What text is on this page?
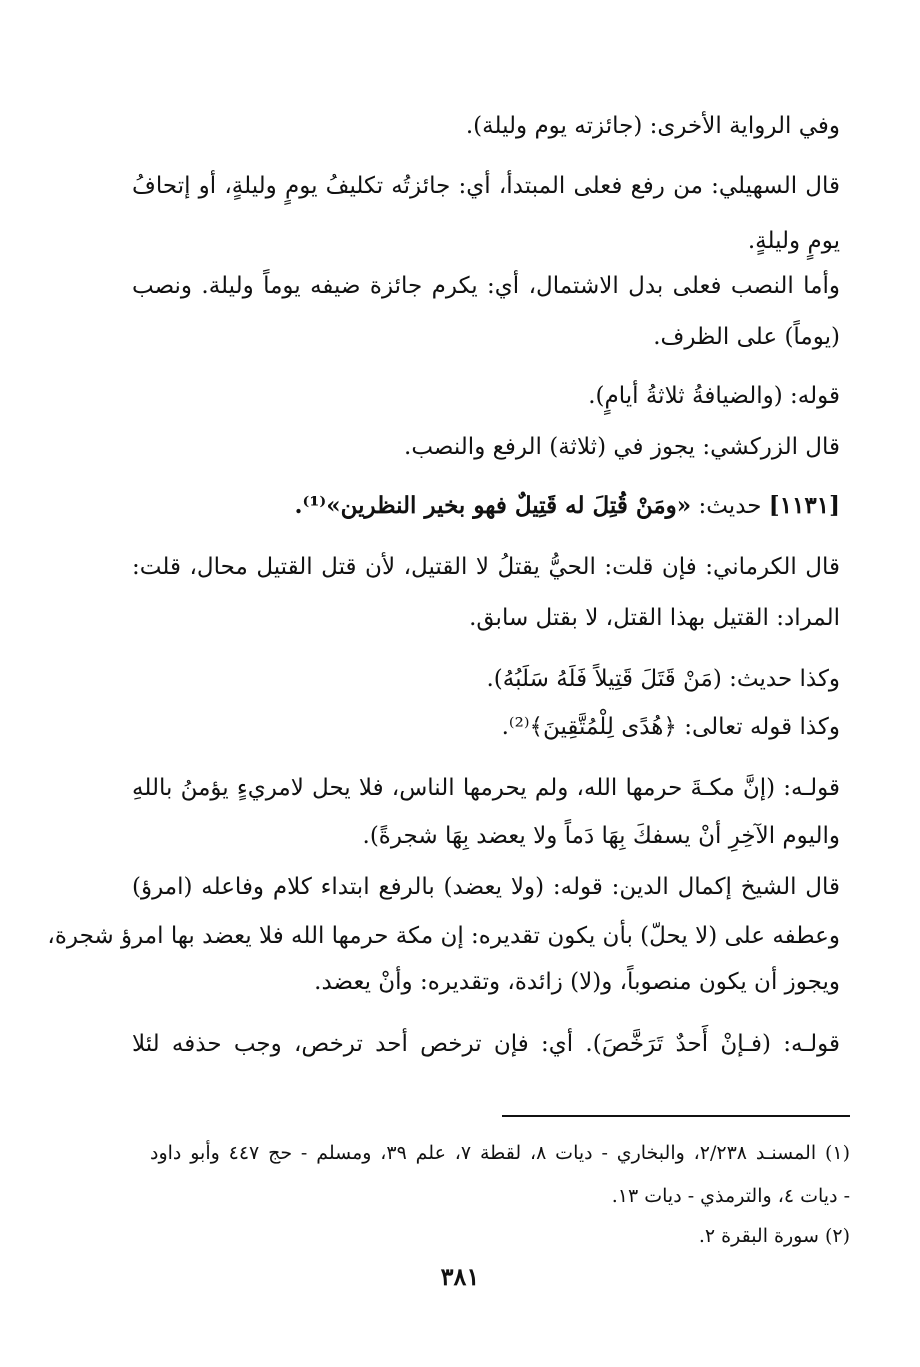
وفي الرواية الأخرى: (جائزته يوم وليلة).
قال السهيلي: من رفع فعلى المبتدأ، أي: جائزتُه تكليفُ يومٍ وليلةٍ، أو إتحافُ
يومٍ وليلةٍ.
وأما النصب فعلى بدل الاشتمال، أي: يكرم جائزة ضيفه يوماً وليلة. ونصب
(يوماً) على الظرف.
قوله: (والضيافةُ ثلاثةُ أيامٍ).
قال الزركشي: يجوز في (ثلاثة) الرفع والنصب.
[١١٣١] حديث: «ومَنْ قُتِلَ له قَتِيلٌ فهو بخير النظرين»⁽¹⁾.
قال الكرماني: فإن قلت: الحيُّ يقتلُ لا القتيل، لأن قتل القتيل محال، قلت:
المراد: القتيل بهذا القتل، لا بقتل سابق.
وكذا حديث: (مَنْ قَتَلَ قَتِيلاً فَلَهُ سَلَبُهُ).
وكذا قوله تعالى: ﴿هُدًى لِلْمُتَّقِينَ﴾⁽²⁾.
قولـه: (إنَّ مكـةَ حرمها الله، ولم يحرمها الناس، فلا يحل لامريءٍ يؤمنُ باللهِ
واليوم الآخِرِ أنْ يسفكَ بِهَا دَماً ولا يعضد بِهَا شجرةً).
قال الشيخ إكمال الدين: قوله: (ولا يعضد) بالرفع ابتداء كلام وفاعله (امرؤ)
وعطفه على (لا يحلّ) بأن يكون تقديره: إن مكة حرمها الله فلا يعضد بها امرؤ شجرة،
ويجوز أن يكون منصوباً، و(لا) زائدة، وتقديره: وأنْ يعضد.
قولـه: (فـإنْ أَحدٌ تَرَخَّصَ). أي: فإن ترخص أحد ترخص، وجب حذفه لئلا
(١) المسنـد ٢/٢٣٨، والبخاري - ديات ٨، لقطة ٧، علم ٣٩، ومسلم - حج ٤٤٧ وأبو داود
- ديات ٤، والترمذي - ديات ١٣.
(٢) سورة البقرة ٢.
٣٨١
